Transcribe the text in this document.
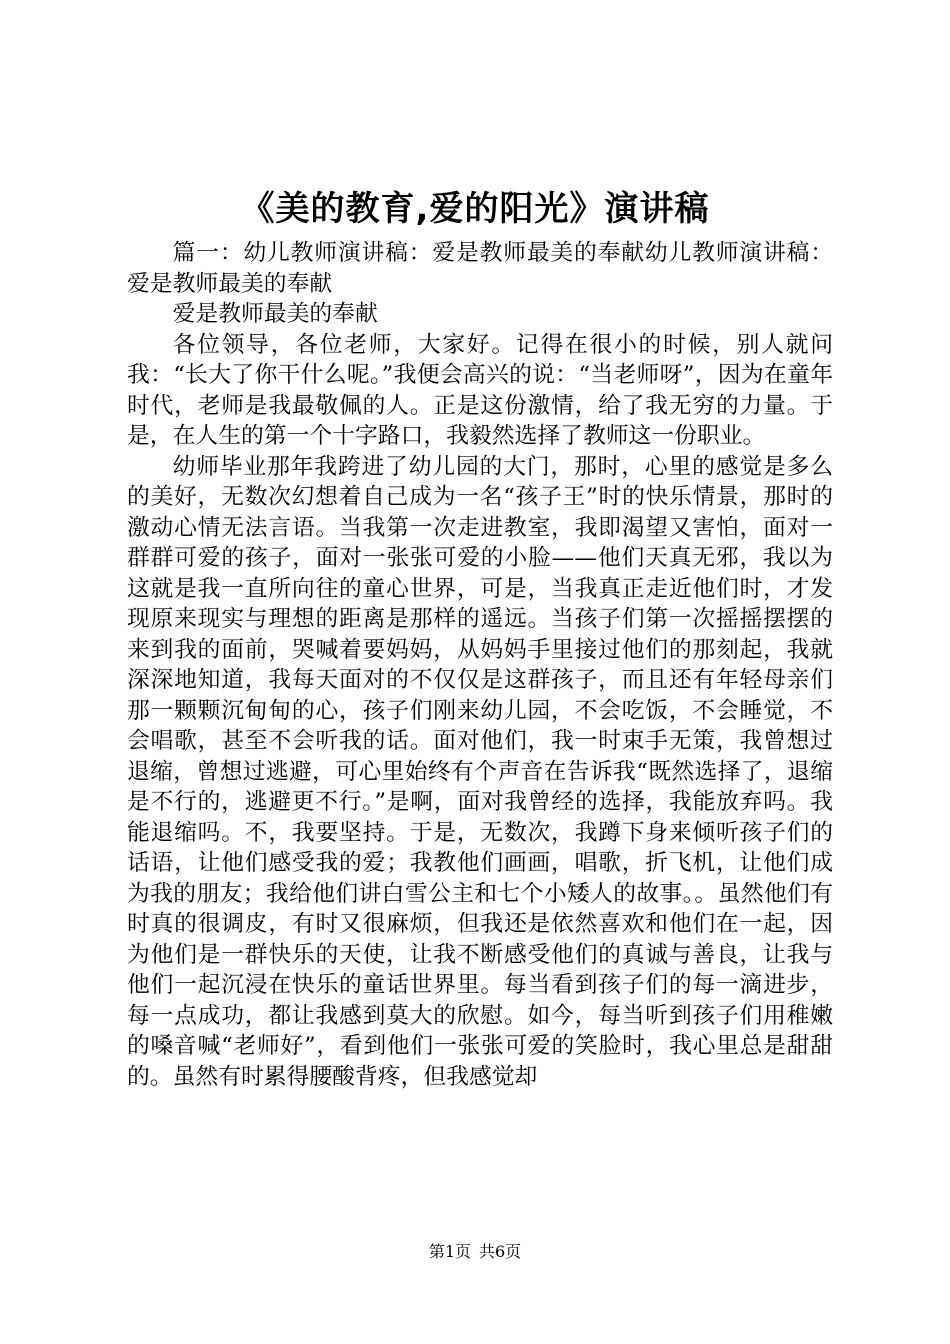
《美的教育,爱的阳光》演讲稿

篇一：幼儿教师演讲稿：爱是教师最美的奉献幼儿教师演讲稿：爱是教师最美的奉献

爱是教师最美的奉献

各位领导，各位老师，大家好。记得在很小的时候，别人就问我：“长大了你干什么呢。”我便会高兴的说：“当老师呀”，因为在童年时代，老师是我最敬佩的人。正是这份激情，给了我无穷的力量。于是，在人生的第一个十字路口，我毅然选择了教师这一份职业。

幼师毕业那年我跨进了幼儿园的大门，那时，心里的感觉是多么的美好，无数次幻想着自己成为一名“孩子王”时的快乐情景，那时的激动心情无法言语。当我第一次走进教室，我即渴望又害怕，面对一群群可爱的孩子，面对一张张可爱的小脸——他们天真无邪，我以为这就是我一直所向往的童心世界，可是，当我真正走近他们时，才发现原来现实与理想的距离是那样的遥远。当孩子们第一次摇摇摆摆的来到我的面前，哭喊着要妈妈，从妈妈手里接过他们的那刻起，我就深深地知道，我每天面对的不仅仅是这群孩子，而且还有年轻母亲们那一颗颗沉甸甸的心，孩子们刚来幼儿园，不会吃饭，不会睡觉，不会唱歌，甚至不会听我的话。面对他们，我一时束手无策，我曾想过退缩，曾想过逃避，可心里始终有个声音在告诉我“既然选择了，退缩是不行的，逃避更不行。”是啊，面对我曾经的选择，我能放弃吗。我能退缩吗。不，我要坚持。于是，无数次，我蹲下身来倾听孩子们的话语，让他们感受我的爱；我教他们画画，唱歌，折飞机，让他们成为我的朋友；我给他们讲白雪公主和七个小矮人的故事。。虽然他们有时真的很调皮，有时又很麻烦，但我还是依然喜欢和他们在一起，因为他们是一群快乐的天使，让我不断感受他们的真诚与善良，让我与他们一起沉浸在快乐的童话世界里。每当看到孩子们的每一滴进步，每一点成功，都让我感到莫大的欣慰。如今，每当听到孩子们用稚嫩的嗓音喊“老师好”，看到他们一张张可爱的笑脸时，我心里总是甜甜的。虽然有时累得腰酸背疼，但我感觉却

第1页 共6页
